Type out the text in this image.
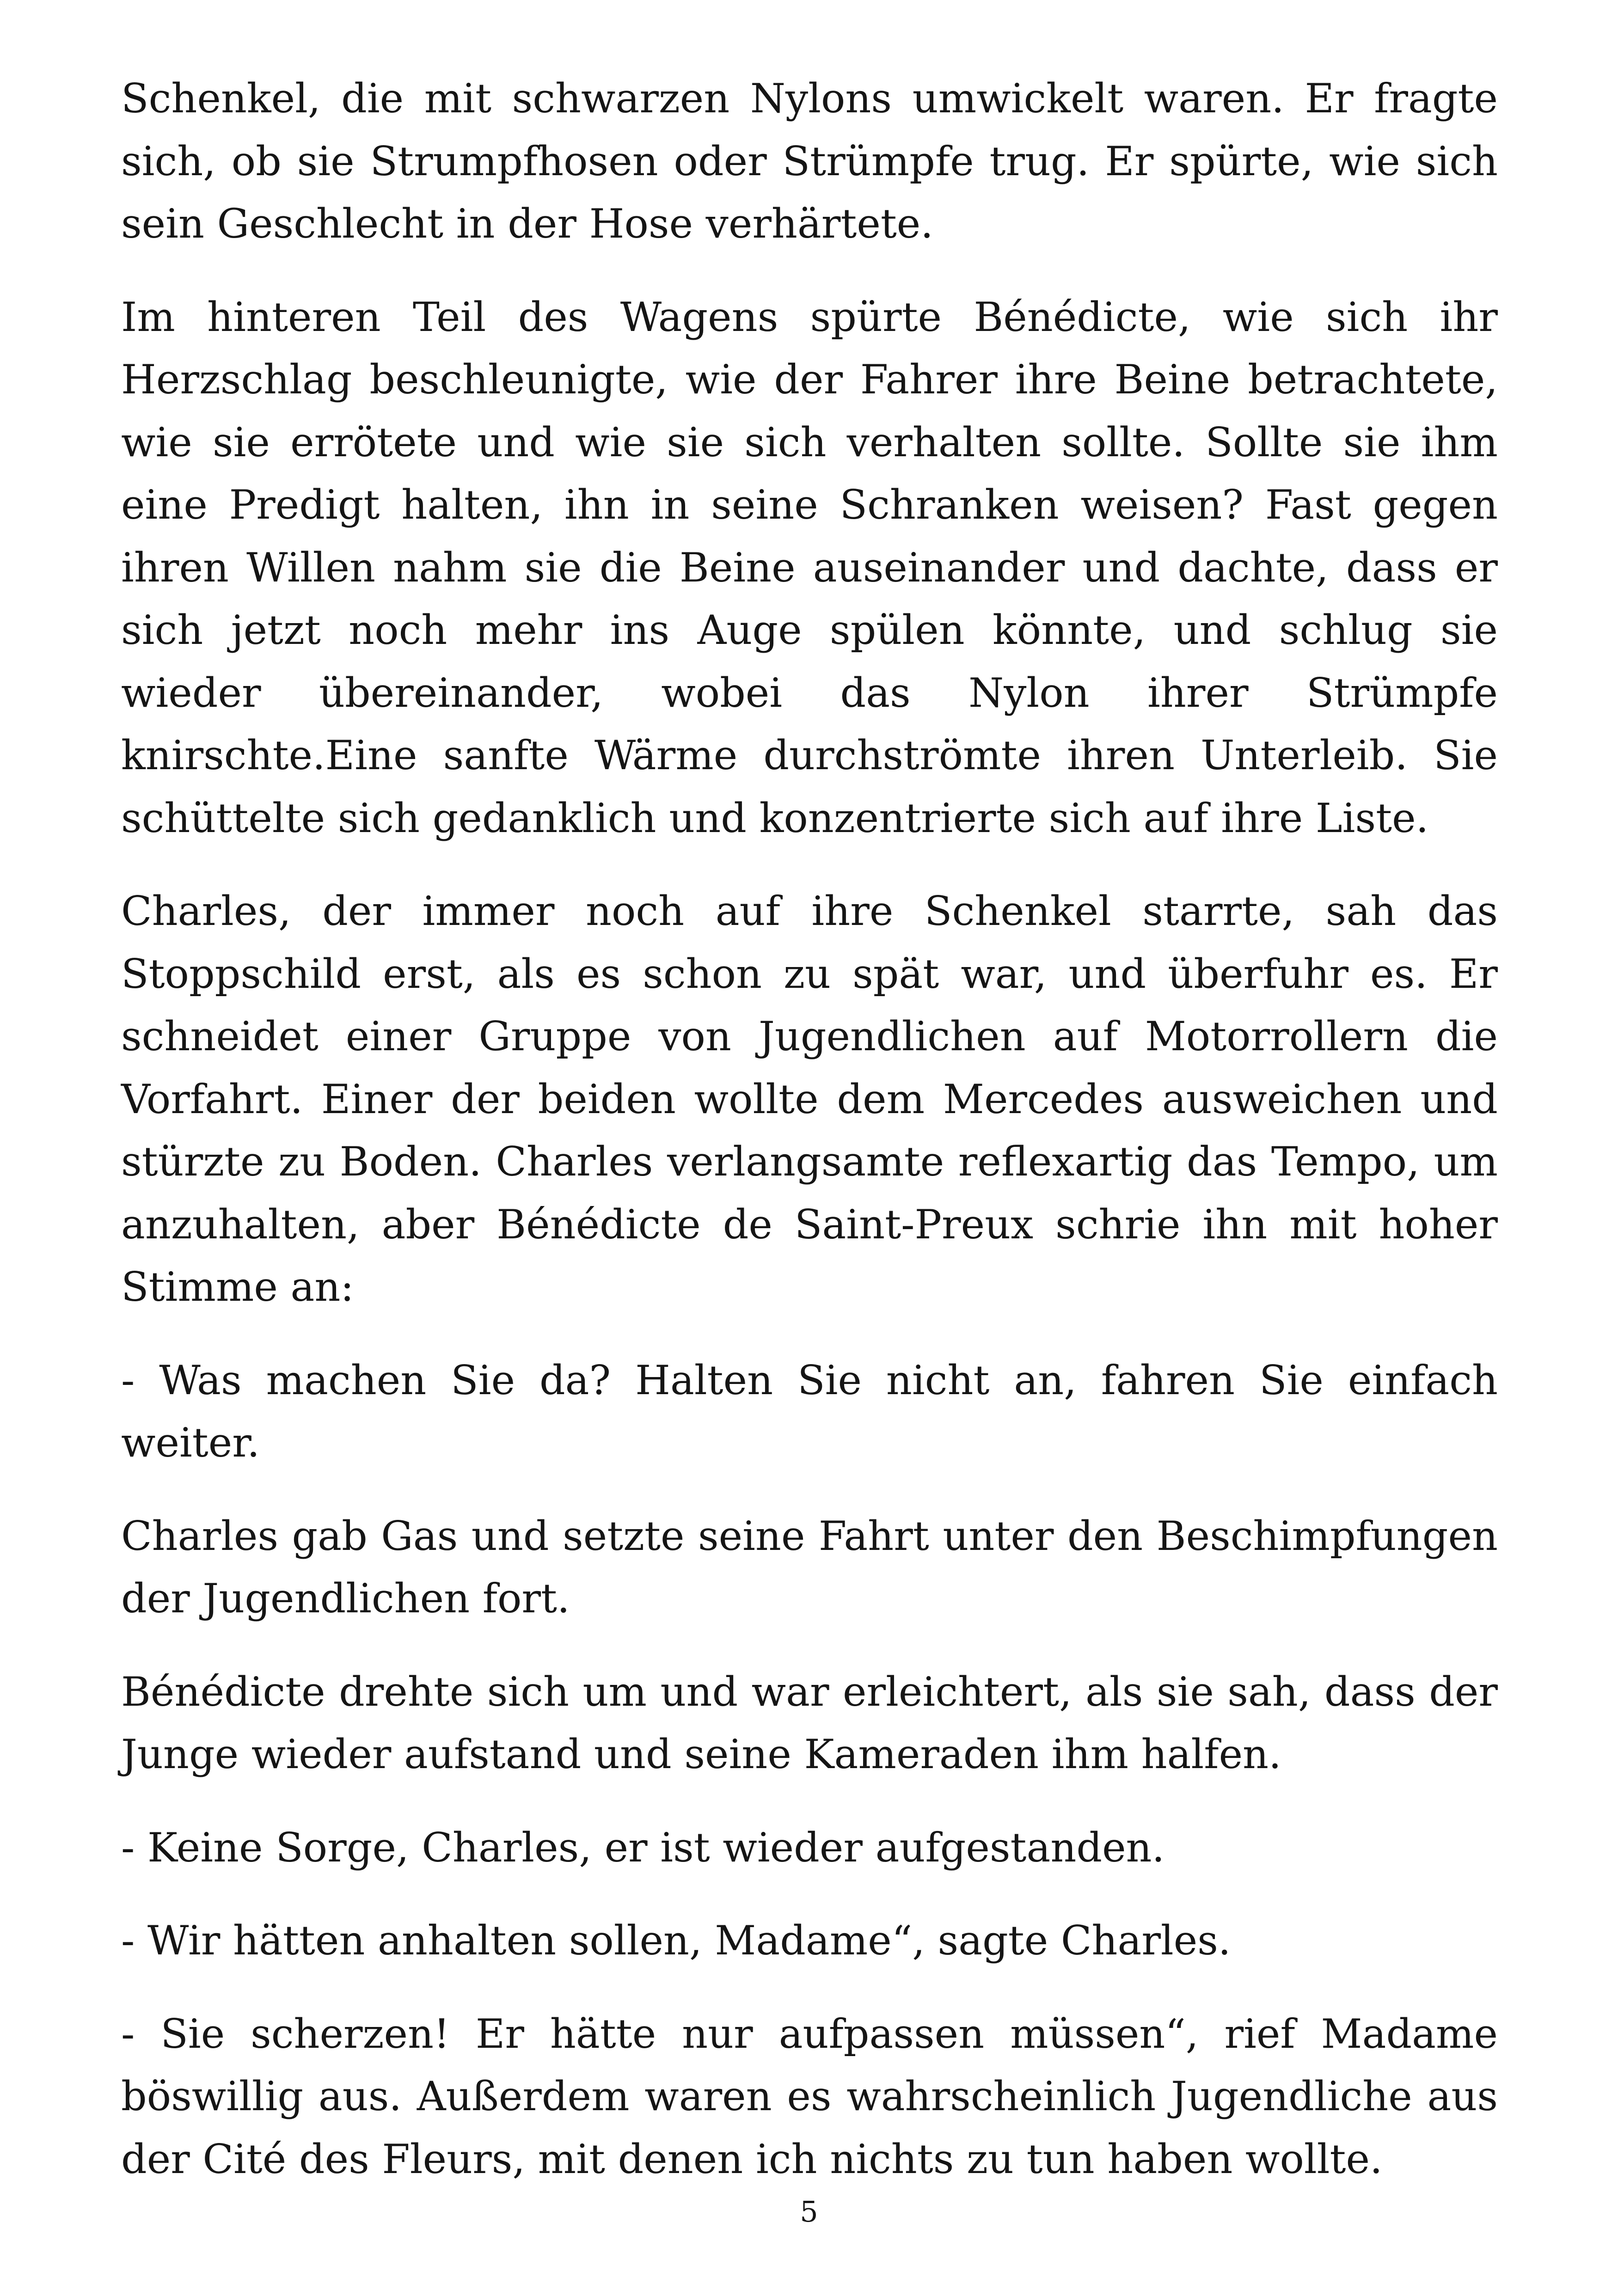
Schenkel, die mit schwarzen Nylons umwickelt waren. Er fragte sich, ob sie Strumpfhosen oder Strümpfe trug. Er spürte, wie sich sein Geschlecht in der Hose verhärtete.

Im hinteren Teil des Wagens spürte Bénédicte, wie sich ihr Herzschlag beschleunigte, wie der Fahrer ihre Beine betrachtete, wie sie errötete und wie sie sich verhalten sollte. Sollte sie ihm eine Predigt halten, ihn in seine Schranken weisen? Fast gegen ihren Willen nahm sie die Beine auseinander und dachte, dass er sich jetzt noch mehr ins Auge spülen könnte, und schlug sie wieder übereinander, wobei das Nylon ihrer Strümpfe knirschte.Eine sanfte Wärme durchströmte ihren Unterleib. Sie schüttelte sich gedanklich und konzentrierte sich auf ihre Liste.

Charles, der immer noch auf ihre Schenkel starrte, sah das Stoppschild erst, als es schon zu spät war, und überfuhr es. Er schneidet einer Gruppe von Jugendlichen auf Motorrollern die Vorfahrt. Einer der beiden wollte dem Mercedes ausweichen und stürzte zu Boden. Charles verlangsamte reflexartig das Tempo, um anzuhalten, aber Bénédicte de Saint-Preux schrie ihn mit hoher Stimme an:

- Was machen Sie da? Halten Sie nicht an, fahren Sie einfach weiter.

Charles gab Gas und setzte seine Fahrt unter den Beschimpfungen der Jugendlichen fort.

Bénédicte drehte sich um und war erleichtert, als sie sah, dass der Junge wieder aufstand und seine Kameraden ihm halfen.

- Keine Sorge, Charles, er ist wieder aufgestanden.

- Wir hätten anhalten sollen, Madame“, sagte Charles.

- Sie scherzen! Er hätte nur aufpassen müssen“, rief Madame böswillig aus. Außerdem waren es wahrscheinlich Jugendliche aus der Cité des Fleurs, mit denen ich nichts zu tun haben wollte.

5
